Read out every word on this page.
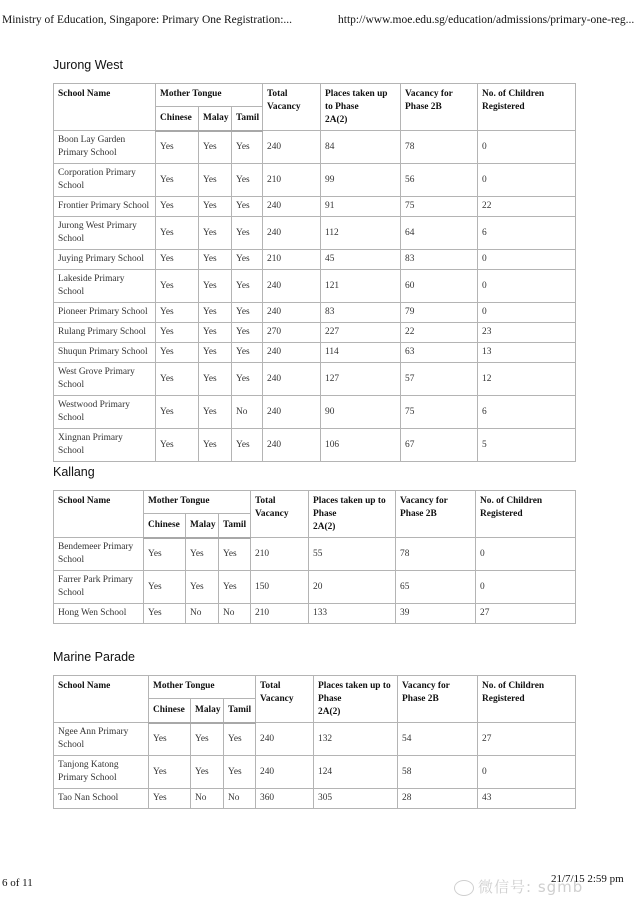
Ministry of Education, Singapore: Primary One Registration:...	http://www.moe.edu.sg/education/admissions/primary-one-reg...
Jurong West
School Name	Mother Tongue			Total Vacancy	Places taken up
to Phase
2A(2)	Vacancy for Phase 2B	No. of Children Registered
	Chinese	Malay	Tamil				
Boon Lay Garden Primary School	Yes	Yes	Yes	240	84	78	0
Corporation Primary School	Yes	Yes	Yes	210	99	56	0
Frontier Primary School	Yes	Yes	Yes	240	91	75	22
Jurong West Primary School	Yes	Yes	Yes	240	112	64	6
Juying Primary School	Yes	Yes	Yes	210	45	83	0
Lakeside Primary School	Yes	Yes	Yes	240	121	60	0
Pioneer Primary School	Yes	Yes	Yes	240	83	79	0
Rulang Primary School	Yes	Yes	Yes	270	227	22	23
Shuqun Primary School	Yes	Yes	Yes	240	114	63	13
West Grove Primary School	Yes	Yes	Yes	240	127	57	12
Westwood Primary School	Yes	Yes	No	240	90	75	6
Xingnan Primary School	Yes	Yes	Yes	240	106	67	5
Kallang
School Name	Mother Tongue			Total Vacancy	Places taken up to
Phase
2A(2)	Vacancy for Phase 2B	No. of Children Registered
	Chinese	Malay	Tamil				
Bendemeer Primary School	Yes	Yes	Yes	210	55	78	0
Farrer Park Primary School	Yes	Yes	Yes	150	20	65	0
Hong Wen School	Yes	No	No	210	133	39	27
Marine Parade
School Name	Mother Tongue			Total Vacancy	Places taken up to
Phase
2A(2)	Vacancy for Phase 2B	No. of Children Registered
	Chinese	Malay	Tamil				
Ngee Ann Primary School	Yes	Yes	Yes	240	132	54	27
Tanjong Katong Primary School	Yes	Yes	Yes	240	124	58	0
Tao Nan School	Yes	No	No	360	305	28	43
6 of 11	微信号: sgmb
21/7/15 2:59 pm
